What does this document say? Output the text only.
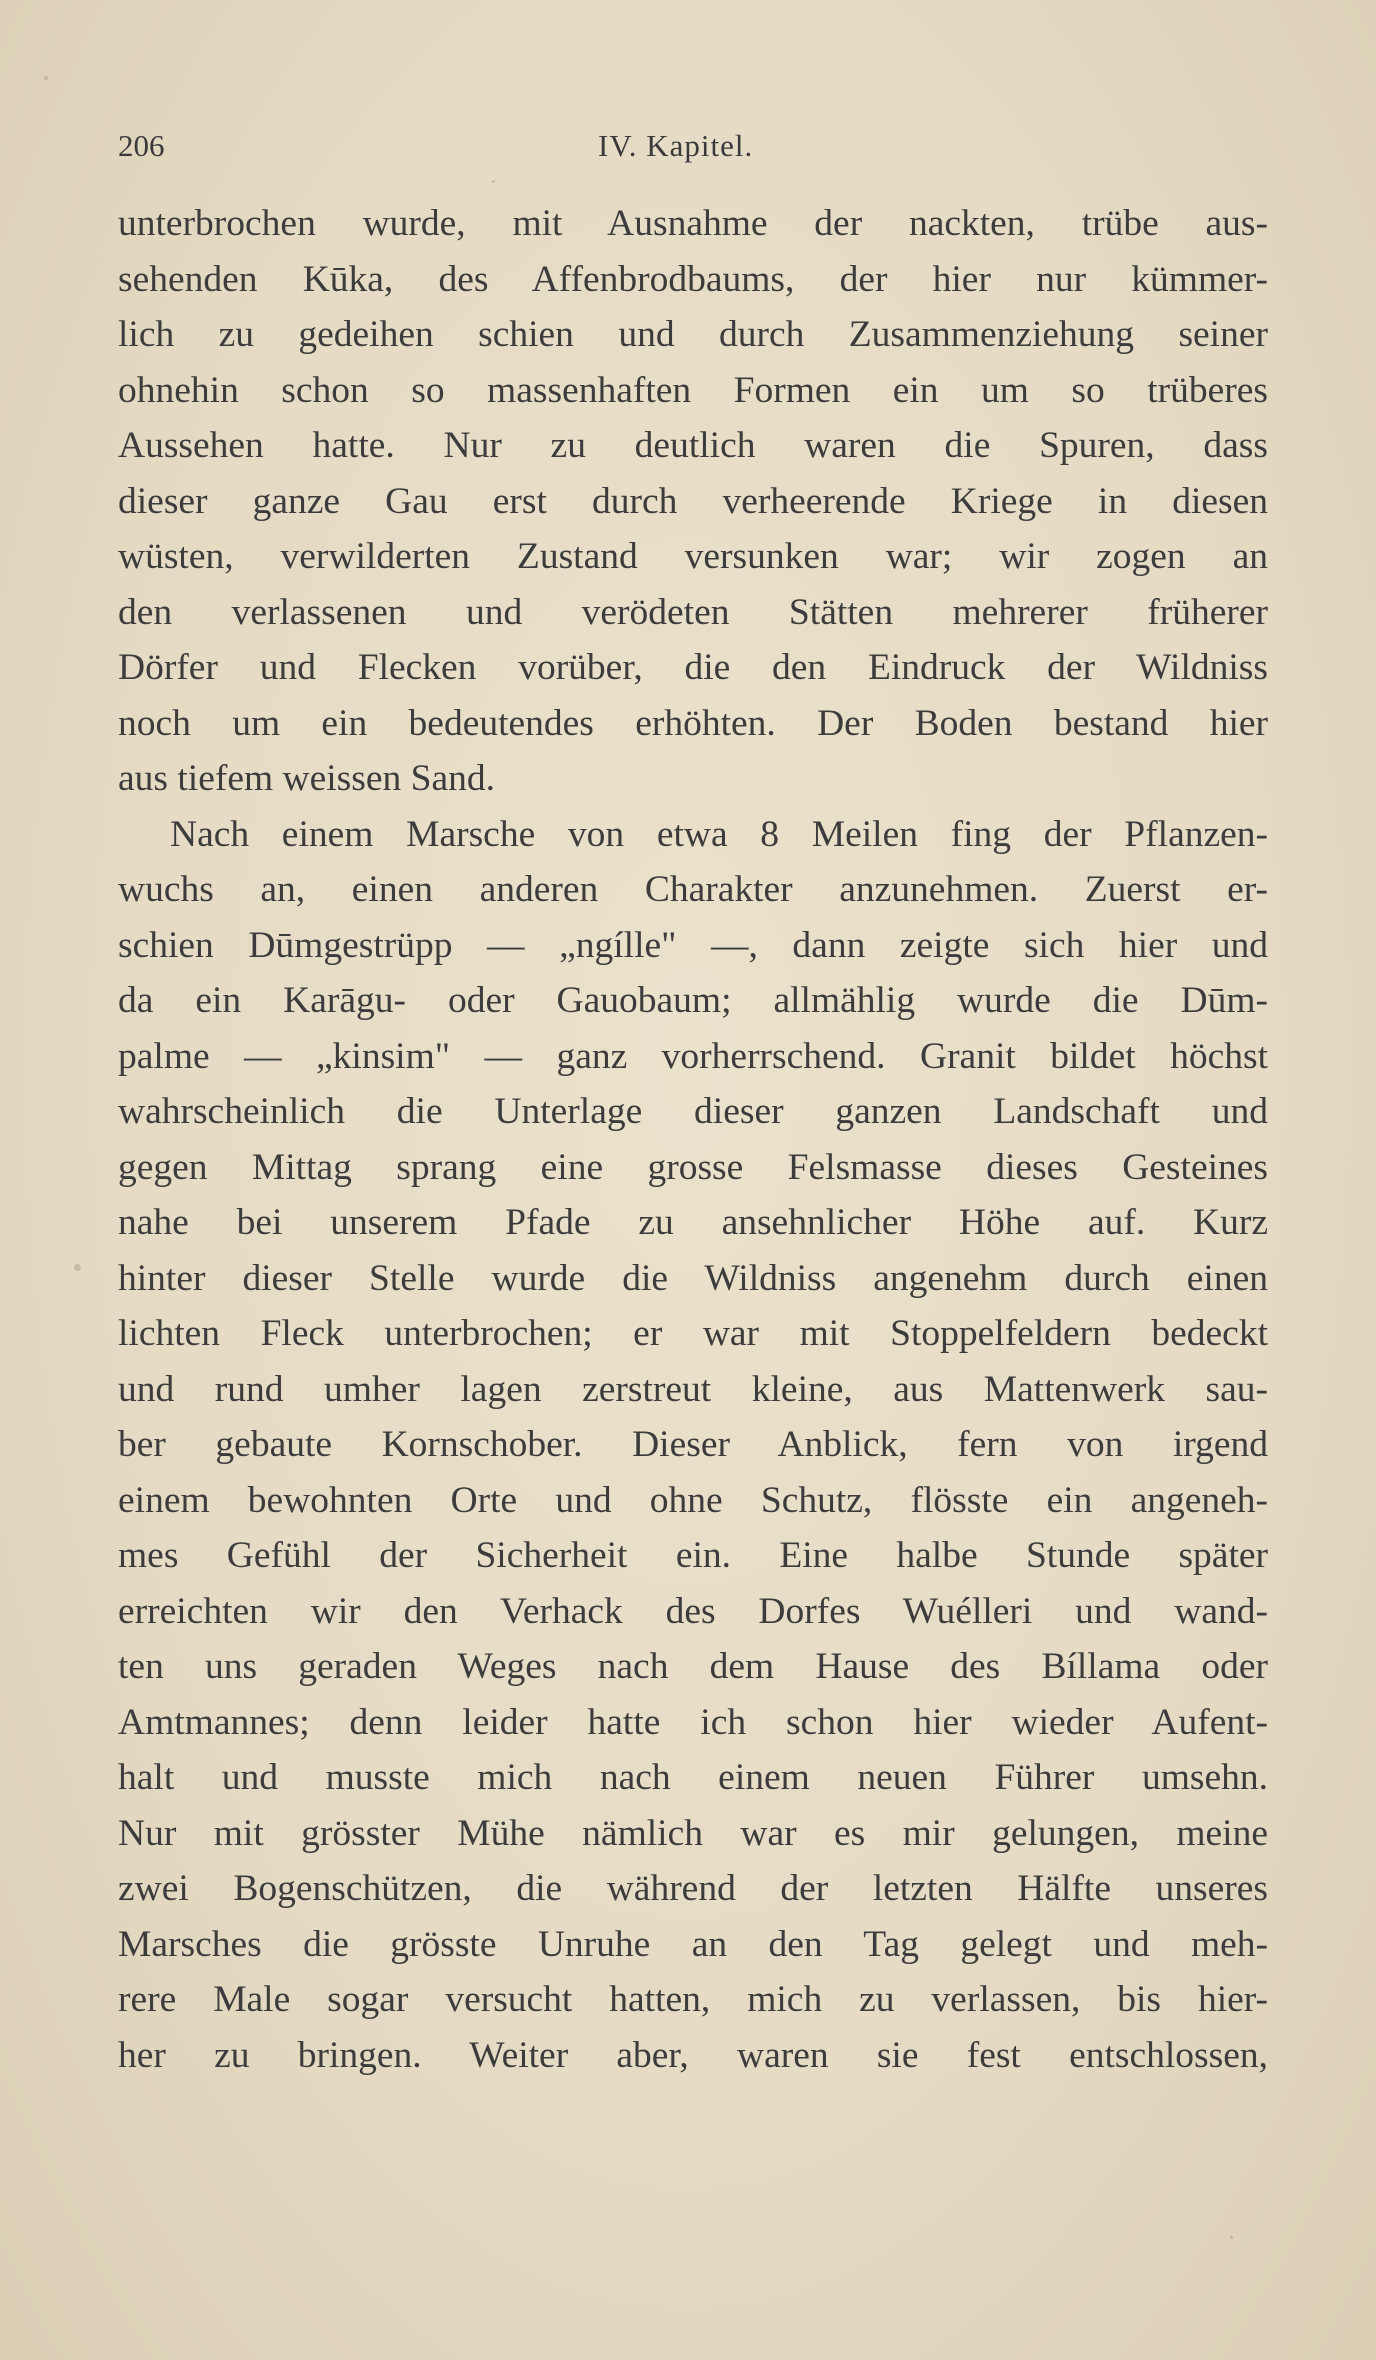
206	IV. Kapitel.
unterbrochen wurde, mit Ausnahme der nackten, trübe aus-
sehenden Kūka, des Affenbrodbaums, der hier nur kümmer-
lich zu gedeihen schien und durch Zusammenziehung seiner
ohnehin schon so massenhaften Formen ein um so trüberes
Aussehen hatte. Nur zu deutlich waren die Spuren, dass
dieser ganze Gau erst durch verheerende Kriege in diesen
wüsten, verwilderten Zustand versunken war; wir zogen an
den verlassenen und verödeten Stätten mehrerer früherer
Dörfer und Flecken vorüber, die den Eindruck der Wildniss
noch um ein bedeutendes erhöhten. Der Boden bestand hier
aus tiefem weissen Sand.
Nach einem Marsche von etwa 8 Meilen fing der Pflanzen-
wuchs an, einen anderen Charakter anzunehmen. Zuerst er-
schien Dūmgestrüpp — „ngílle" —, dann zeigte sich hier und
da ein Karāgu- oder Gauobaum; allmählig wurde die Dūm-
palme — „kinsim" — ganz vorherrschend. Granit bildet höchst
wahrscheinlich die Unterlage dieser ganzen Landschaft und
gegen Mittag sprang eine grosse Felsmasse dieses Gesteines
nahe bei unserem Pfade zu ansehnlicher Höhe auf. Kurz
hinter dieser Stelle wurde die Wildniss angenehm durch einen
lichten Fleck unterbrochen; er war mit Stoppelfeldern bedeckt
und rund umher lagen zerstreut kleine, aus Mattenwerk sau-
ber gebaute Kornschober. Dieser Anblick, fern von irgend
einem bewohnten Orte und ohne Schutz, flösste ein angeneh-
mes Gefühl der Sicherheit ein. Eine halbe Stunde später
erreichten wir den Verhack des Dorfes Wuélleri und wand-
ten uns geraden Weges nach dem Hause des Bíllama oder
Amtmannes; denn leider hatte ich schon hier wieder Aufent-
halt und musste mich nach einem neuen Führer umsehn.
Nur mit grösster Mühe nämlich war es mir gelungen, meine
zwei Bogenschützen, die während der letzten Hälfte unseres
Marsches die grösste Unruhe an den Tag gelegt und meh-
rere Male sogar versucht hatten, mich zu verlassen, bis hier-
her zu bringen. Weiter aber, waren sie fest entschlossen,
